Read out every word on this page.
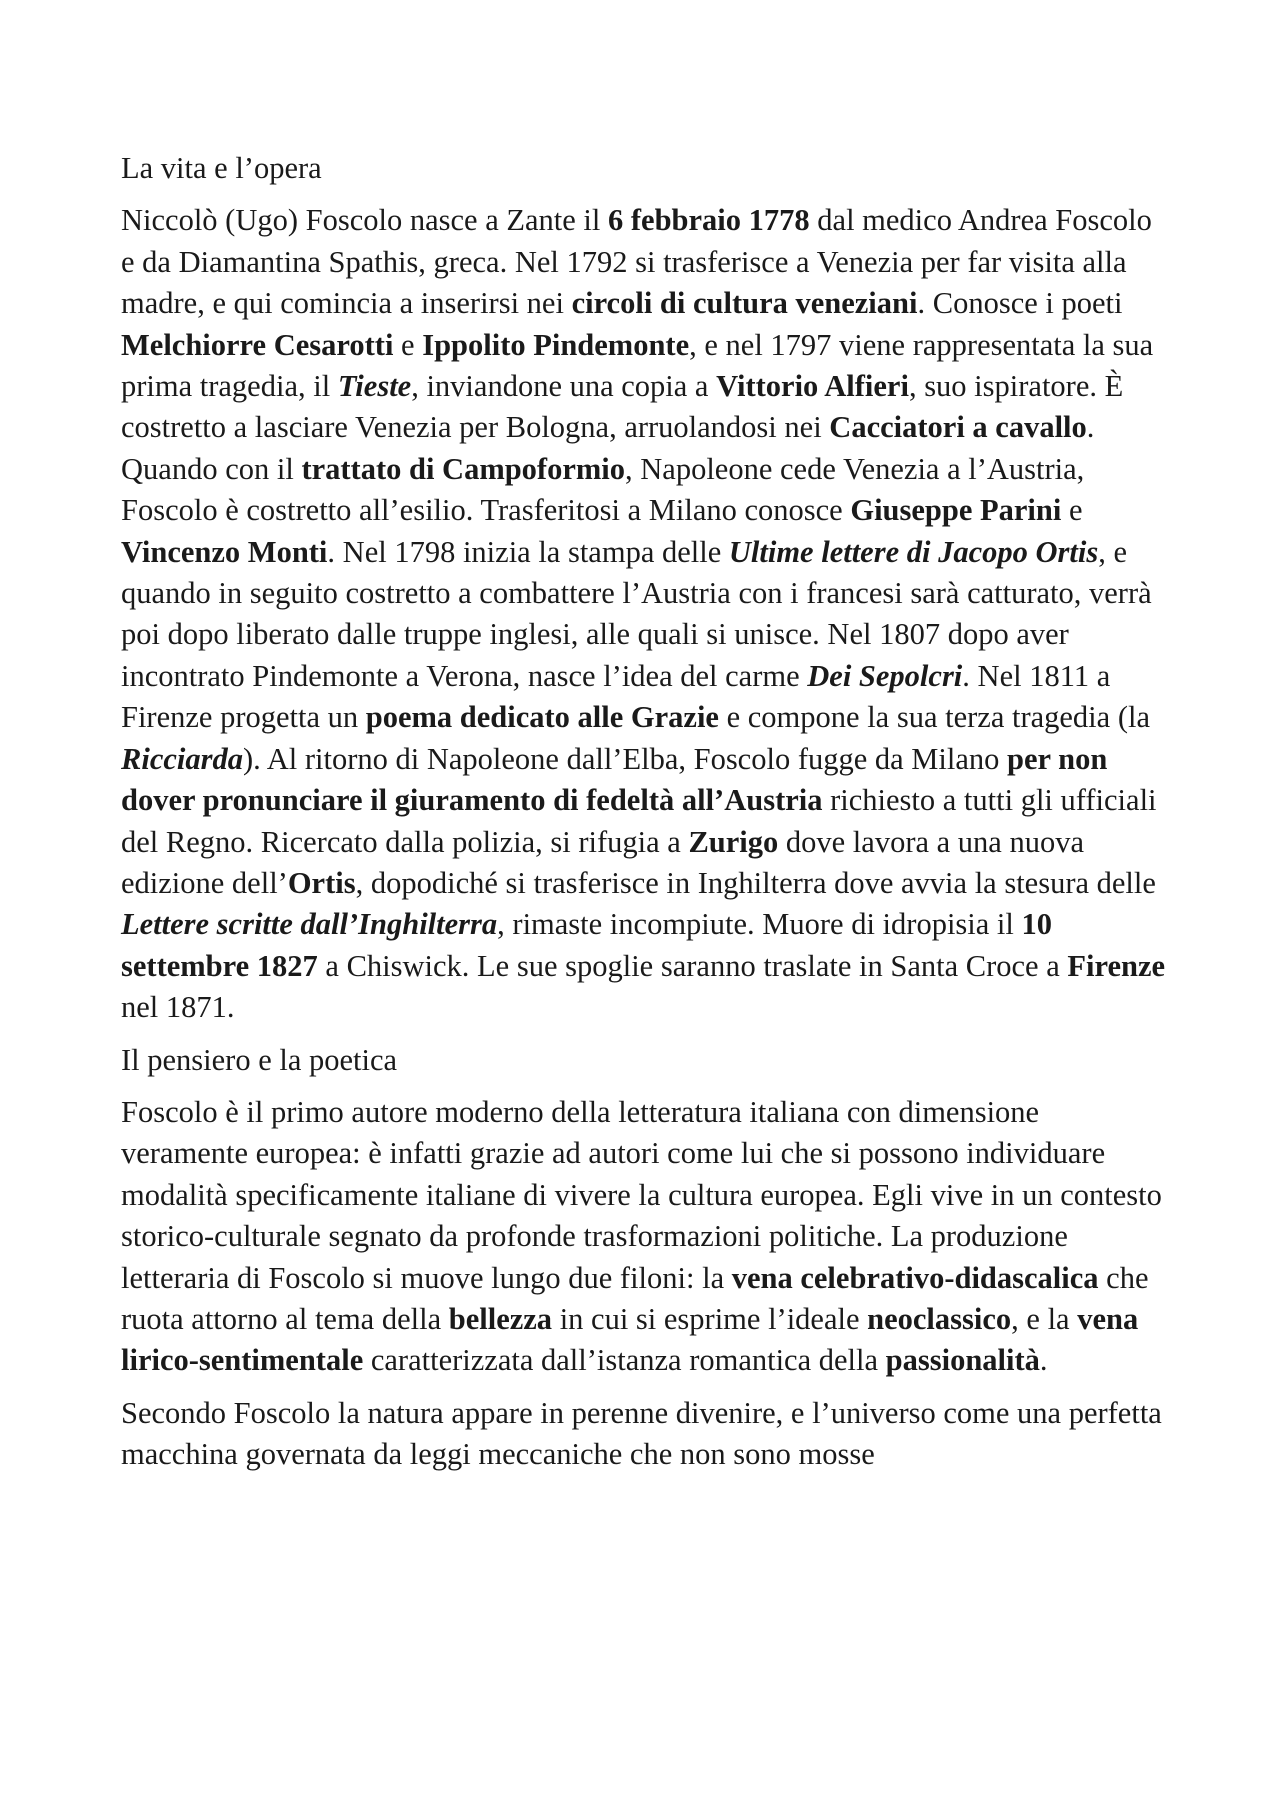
La vita e l’opera
Niccolò (Ugo) Foscolo nasce a Zante il 6 febbraio 1778 dal medico Andrea Foscolo e da Diamantina Spathis, greca. Nel 1792 si trasferisce a Venezia per far visita alla madre, e qui comincia a inserirsi nei circoli di cultura veneziani. Conosce i poeti Melchiorre Cesarotti e Ippolito Pindemonte, e nel 1797 viene rappresentata la sua prima tragedia, il Tieste, inviandone una copia a Vittorio Alfieri, suo ispiratore. È costretto a lasciare Venezia per Bologna, arruolandosi nei Cacciatori a cavallo. Quando con il trattato di Campoformio, Napoleone cede Venezia a l’Austria, Foscolo è costretto all’esilio. Trasferitosi a Milano conosce Giuseppe Parini e Vincenzo Monti. Nel 1798 inizia la stampa delle Ultime lettere di Jacopo Ortis, e quando in seguito costretto a combattere l’Austria con i francesi sarà catturato, verrà poi dopo liberato dalle truppe inglesi, alle quali si unisce. Nel 1807 dopo aver incontrato Pindemonte a Verona, nasce l’idea del carme Dei Sepolcri. Nel 1811 a Firenze progetta un poema dedicato alle Grazie e compone la sua terza tragedia (la Ricciarda). Al ritorno di Napoleone dall’Elba, Foscolo fugge da Milano per non dover pronunciare il giuramento di fedeltà all’Austria richiesto a tutti gli ufficiali del Regno. Ricercato dalla polizia, si rifugia a Zurigo dove lavora a una nuova edizione dell’Ortis, dopodiché si trasferisce in Inghilterra dove avvia la stesura delle Lettere scritte dall’Inghilterra, rimaste incompiute. Muore di idropisia il 10 settembre 1827 a Chiswick. Le sue spoglie saranno traslate in Santa Croce a Firenze nel 1871.
Il pensiero e la poetica
Foscolo è il primo autore moderno della letteratura italiana con dimensione veramente europea: è infatti grazie ad autori come lui che si possono individuare modalità specificamente italiane di vivere la cultura europea. Egli vive in un contesto storico-culturale segnato da profonde trasformazioni politiche. La produzione letteraria di Foscolo si muove lungo due filoni: la vena celebrativo-didascalica che ruota attorno al tema della bellezza in cui si esprime l’ideale neoclassico, e la vena lirico-sentimentale caratterizzata dall’istanza romantica della passionalità.
Secondo Foscolo la natura appare in perenne divenire, e l’universo come una perfetta macchina governata da leggi meccaniche che non sono mosse
